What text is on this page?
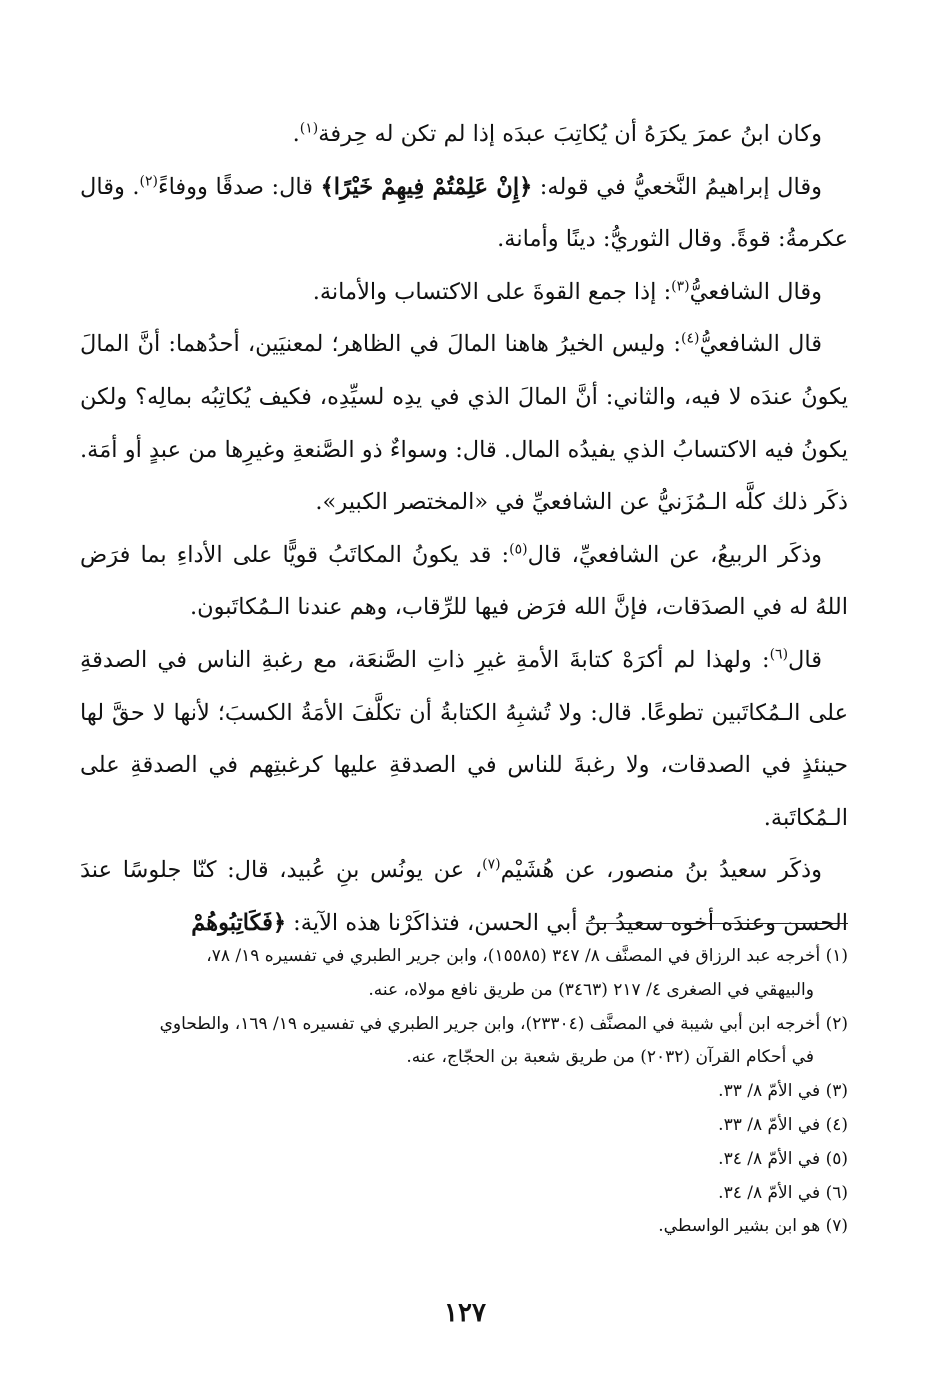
وكان ابنُ عمرَ يكرَهُ أن يُكاتِبَ عبدَه إذا لم تكن له حِرفة$^{(١)}$.

وقال إبراهيمُ النَّخعيُّ في قوله: ﴿إِنْ عَلِمْتُمْ فِيهِمْ خَيْرًا﴾ قال: صدقًا ووفاءً$^{(٢)}$. وقال عكرمةُ: قوةً. وقال الثوريُّ: دينًا وأمانة.

وقال الشافعيُّ$^{(٣)}$: إذا جمع القوةَ على الاكتساب والأمانة.

قال الشافعيُّ$^{(٤)}$: وليس الخيرُ هاهنا المالَ في الظاهر؛ لمعنيَين، أحدُهما: أنَّ المالَ يكونُ عندَه لا فيه، والثاني: أنَّ المالَ الذي في يدِه لسيِّدِه، فكيف يُكاتِبُه بمالِه؟ ولكن يكونُ فيه الاكتسابُ الذي يفيدُه المال. قال: وسواءٌ ذو الصَّنعةِ وغيرِها من عبدٍ أو أمَة. ذكَر ذلك كلَّه الـمُزَنيُّ عن الشافعيِّ في «المختصر الكبير».

وذكَر الربيعُ، عن الشافعيِّ، قال$^{(٥)}$: قد يكونُ المكاتَبُ قويًّا على الأداءِ بما فرَض اللهُ له في الصدَقات، فإنَّ الله فرَض فيها للرِّقاب، وهم عندنا الـمُكاتَبون.

قال$^{(٦)}$: ولهذا لم أكرَهْ كتابةَ الأمةِ غيرِ ذاتِ الصَّنعَة، مع رغبةِ الناس في الصدقةِ على الـمُكاتَبين تطوعًا. قال: ولا تُشبِهُ الكتابةُ أن تكلَّفَ الأمَةُ الكسبَ؛ لأنها لا حقَّ لها حينئذٍ في الصدقات، ولا رغبةَ للناس في الصدقةِ عليها كرغبتِهم في الصدقةِ على الـمُكاتَبة.

وذكَر سعيدُ بنُ منصور، عن هُشَيْم$^{(٧)}$، عن يونُس بنِ عُبيد، قال: كنّا جلوسًا عندَ الحسن وعندَه أخوه سعيدُ بنُ أبي الحسن، فتذاكَرْنا هذه الآية: ﴿فَكَاتِبُوهُمْ

(١) أخرجه عبد الرزاق في المصنَّف ٨/ ٣٤٧ (١٥٥٨٥)، وابن جرير الطبري في تفسيره ١٩/ ٧٨،
والبيهقي في الصغرى ٤/ ٢١٧ (٣٤٦٣) من طريق نافع مولاه، عنه.

(٢) أخرجه ابن أبي شيبة في المصنَّف (٢٣٣٠٤)، وابن جرير الطبري في تفسيره ١٩/ ١٦٩، والطحاوي
في أحكام القرآن (٢٠٣٢) من طريق شعبة بن الحجّاج، عنه.

(٣) في الأمّ ٨/ ٣٣.

(٤) في الأمّ ٨/ ٣٣.

(٥) في الأمّ ٨/ ٣٤.

(٦) في الأمّ ٨/ ٣٤.

(٧) هو ابن بشير الواسطي.

١٢٧
